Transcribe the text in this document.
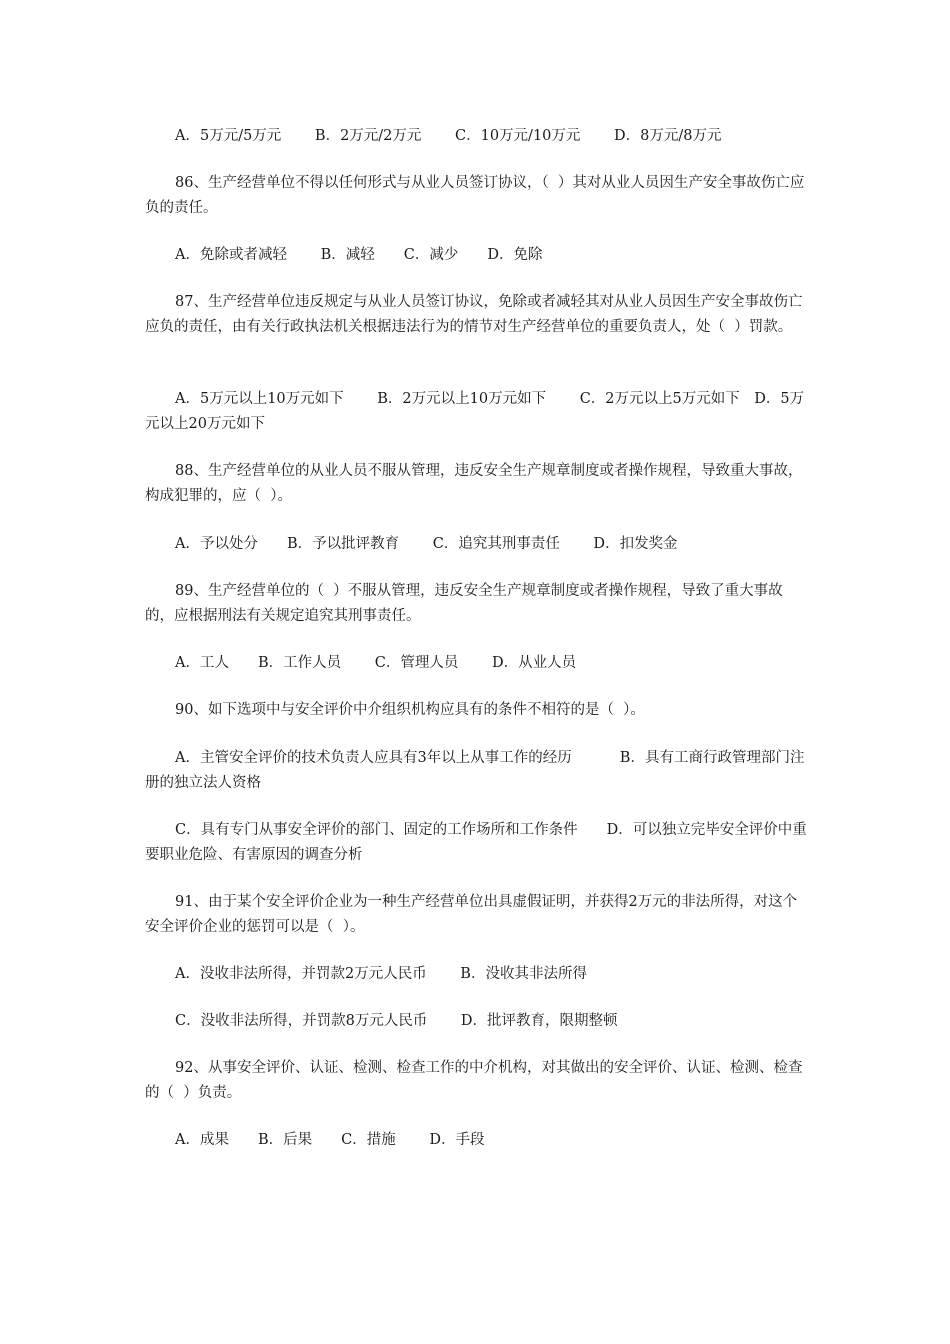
A．5万元/5万元　　 B．2万元/2万元　　 C．10万元/10万元　　 D．8万元/8万元
86、生产经营单位不得以任何形式与从业人员签订协议，（  ）其对从业人员因生产安全事故伤亡应负的责任。
A．免除或者减轻　　 B．减轻　　C．减少　　D．免除
87、生产经营单位违反规定与从业人员签订协议，免除或者减轻其对从业人员因生产安全事故伤亡应负的责任，由有关行政执法机关根据违法行为的情节对生产经营单位的重要负责人，处（  ）罚款。
A．5万元以上10万元如下　　 B．2万元以上10万元如下　　 C．2万元以上5万元如下　D．5万元以上20万元如下
88、生产经营单位的从业人员不服从管理，违反安全生产规章制度或者操作规程，导致重大事故，构成犯罪的，应（  ）。
A．予以处分　　B．予以批评教育　　 C．追究其刑事责任　　 D．扣发奖金
89、生产经营单位的（  ）不服从管理，违反安全生产规章制度或者操作规程，导致了重大事故的，应根据刑法有关规定追究其刑事责任。
A．工人　　B．工作人员　　 C．管理人员　　 D．从业人员
90、如下选项中与安全评价中介组织机构应具有的条件不相符的是（  ）。
A．主管安全评价的技术负责人应具有3年以上从事工作的经历　　　 B．具有工商行政管理部门注册的独立法人资格
C．具有专门从事安全评价的部门、固定的工作场所和工作条件　　D．可以独立完毕安全评价中重要职业危险、有害原因的调查分析
91、由于某个安全评价企业为一种生产经营单位出具虚假证明，并获得2万元的非法所得，对这个安全评价企业的惩罚可以是（  ）。
A．没收非法所得，并罚款2万元人民币　　 B．没收其非法所得
C．没收非法所得，并罚款8万元人民币　　 D．批评教育，限期整顿
92、从事安全评价、认证、检测、检查工作的中介机构，对其做出的安全评价、认证、检测、检查的（  ）负责。
A．成果　　B．后果　　C．措施　　 D．手段
